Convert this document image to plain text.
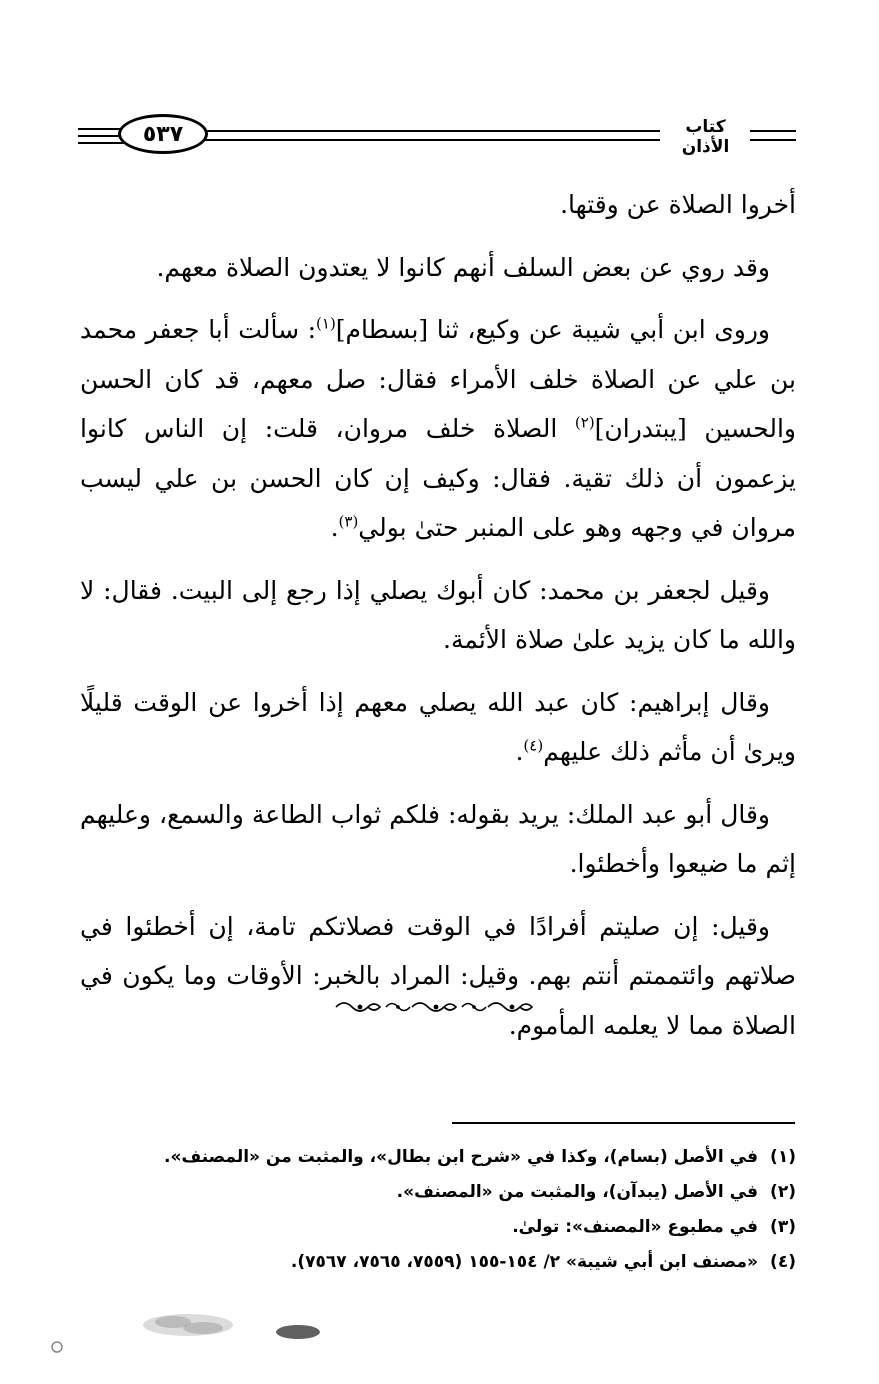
٥٣٧	كتاب الأذان

أخروا الصلاة عن وقتها.

وقد روي عن بعض السلف أنهم كانوا لا يعتدون الصلاة معهم.

وروى ابن أبي شيبة عن وكيع، ثنا [بسطام]$^{(١)}$: سألت أبا جعفر محمد بن علي عن الصلاة خلف الأمراء فقال: صل معهم، قد كان الحسن والحسين [يبتدران]$^{(٢)}$ الصلاة خلف مروان، قلت: إن الناس كانوا يزعمون أن ذلك تقية. فقال: وكيف إن كان الحسن بن علي ليسب مروان في وجهه وهو على المنبر حتىٰ بولي$^{(٣)}$.

وقيل لجعفر بن محمد: كان أبوك يصلي إذا رجع إلى البيت. فقال: لا والله ما كان يزيد علىٰ صلاة الأئمة.

وقال إبراهيم: كان عبد الله يصلي معهم إذا أخروا عن الوقت قليلًا ويرىٰ أن مأثم ذلك عليهم$^{(٤)}$.

وقال أبو عبد الملك: يريد بقوله: فلكم ثواب الطاعة والسمع، وعليهم إثم ما ضيعوا وأخطئوا.

وقيل: إن صليتم أفرادًا في الوقت فصلاتكم تامة، إن أخطئوا في صلاتهم وائتممتم أنتم بهم. وقيل: المراد بالخبر: الأوقات وما يكون في الصلاة مما لا يعلمه المأموم.

(١)في الأصل (بسام)، وكذا في «شرح ابن بطال»، والمثبت من «المصنف».
(٢)في الأصل (يبدآن)، والمثبت من «المصنف».
(٣)في مطبوع «المصنف»: تولىٰ.
(٤)«مصنف ابن أبي شيبة» ٢/ ١٥٤-١٥٥ (٧٥٥٩، ٧٥٦٥، ٧٥٦٧).
